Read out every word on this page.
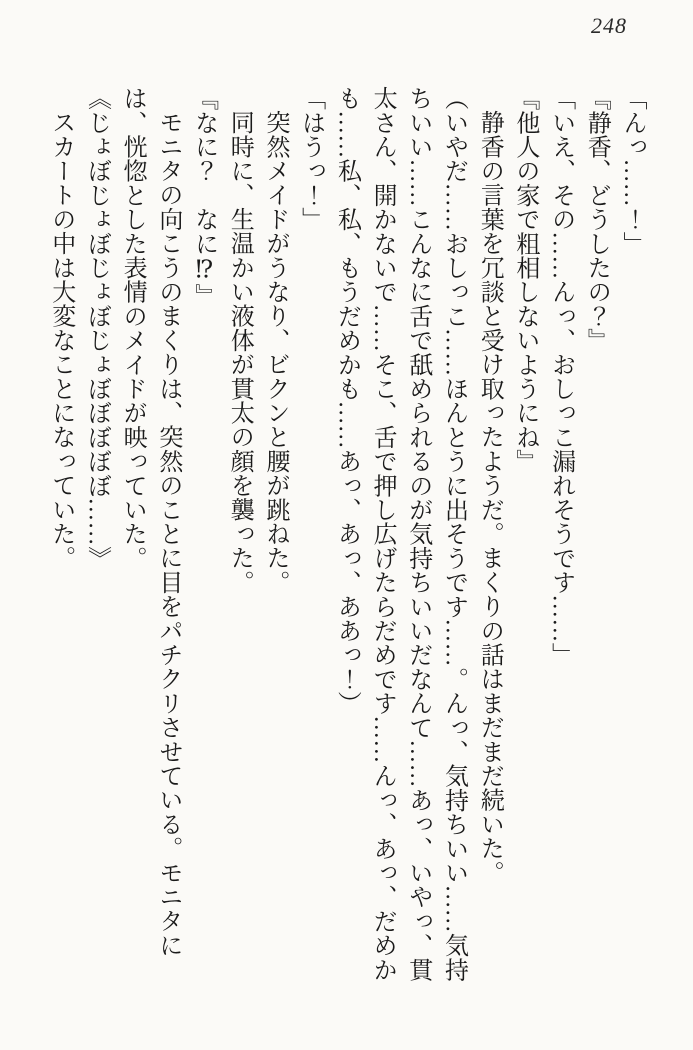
248

「んっ……！」

『静香、どうしたの？』

「いえ、その……んっ、おしっこ漏れそうです……」

『他人の家で粗相しないようにね』

静香の言葉を冗談と受け取ったようだ。まくりの話はまだまだ続いた。

（いやだ……おしっこ……ほんとうに出そうです……。んっ、気持ちいい……気持ちいい……こんなに舌で舐められるのが気持ちいいだなんて……あっ、いやっ、貫太さん、開かないで……そこ、舌で押し広げたらだめです……んっ、あっ、だめかも……私、私、もうだめかも……あっ、あっ、ああっ！）

「はうっ！」

突然メイドがうなり、ビクンと腰が跳ねた。

同時に、生温かい液体が貫太の顔を襲った。

『なに？　なに⁉』

モニタの向こうのまくりは、突然のことに目をパチクリさせている。モニタには、恍惚とした表情のメイドが映っていた。

《じょぼじょぼじょぼじょぼぼぼぼぼ……》

スカートの中は大変なことになっていた。
